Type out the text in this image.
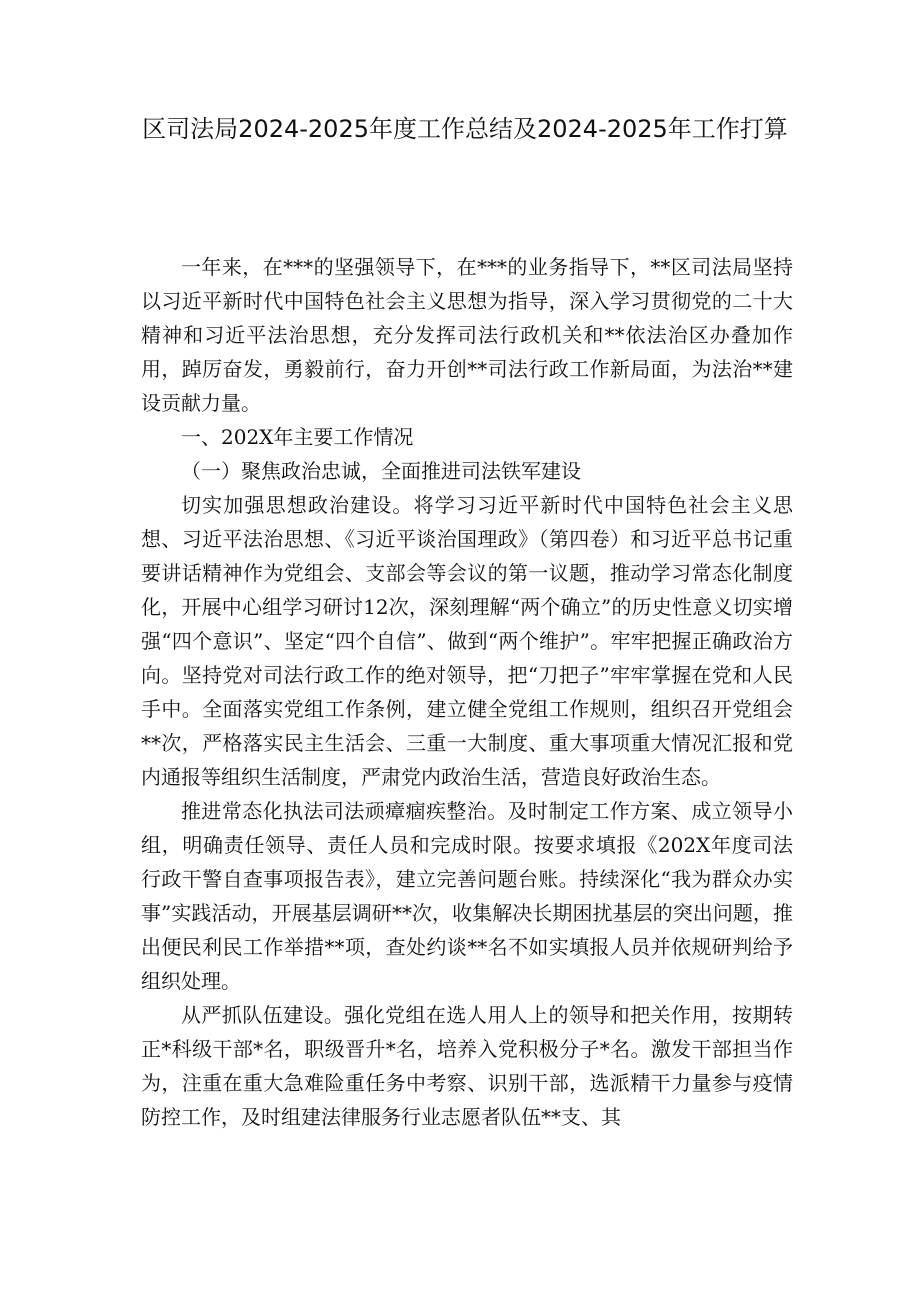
区司法局2024-2025年度工作总结及2024-2025年工作打算

一年来，在***的坚强领导下，在***的业务指导下，**区司法局坚持以习近平新时代中国特色社会主义思想为指导，深入学习贯彻党的二十大精神和习近平法治思想，充分发挥司法行政机关和**依法治区办叠加作用，踔厉奋发，勇毅前行，奋力开创**司法行政工作新局面，为法治**建设贡献力量。

一、202X年主要工作情况

（一）聚焦政治忠诚，全面推进司法铁军建设

切实加强思想政治建设。将学习习近平新时代中国特色社会主义思想、习近平法治思想、《习近平谈治国理政》（第四卷）和习近平总书记重要讲话精神作为党组会、支部会等会议的第一议题，推动学习常态化制度化，开展中心组学习研讨12次，深刻理解“两个确立”的历史性意义切实增强“四个意识”、坚定“四个自信”、做到“两个维护”。牢牢把握正确政治方向。坚持党对司法行政工作的绝对领导，把“刀把子”牢牢掌握在党和人民手中。全面落实党组工作条例，建立健全党组工作规则，组织召开党组会**次，严格落实民主生活会、三重一大制度、重大事项重大情况汇报和党内通报等组织生活制度，严肃党内政治生活，营造良好政治生态。

推进常态化执法司法顽瘴痼疾整治。及时制定工作方案、成立领导小组，明确责任领导、责任人员和完成时限。按要求填报《202X年度司法行政干警自查事项报告表》，建立完善问题台账。持续深化“我为群众办实事”实践活动，开展基层调研**次，收集解决长期困扰基层的突出问题，推出便民利民工作举措**项，查处约谈**名不如实填报人员并依规研判给予组织处理。

从严抓队伍建设。强化党组在选人用人上的领导和把关作用，按期转正*科级干部*名，职级晋升*名，培养入党积极分子*名。激发干部担当作为，注重在重大急难险重任务中考察、识别干部，选派精干力量参与疫情防控工作，及时组建法律服务行业志愿者队伍**支、其
